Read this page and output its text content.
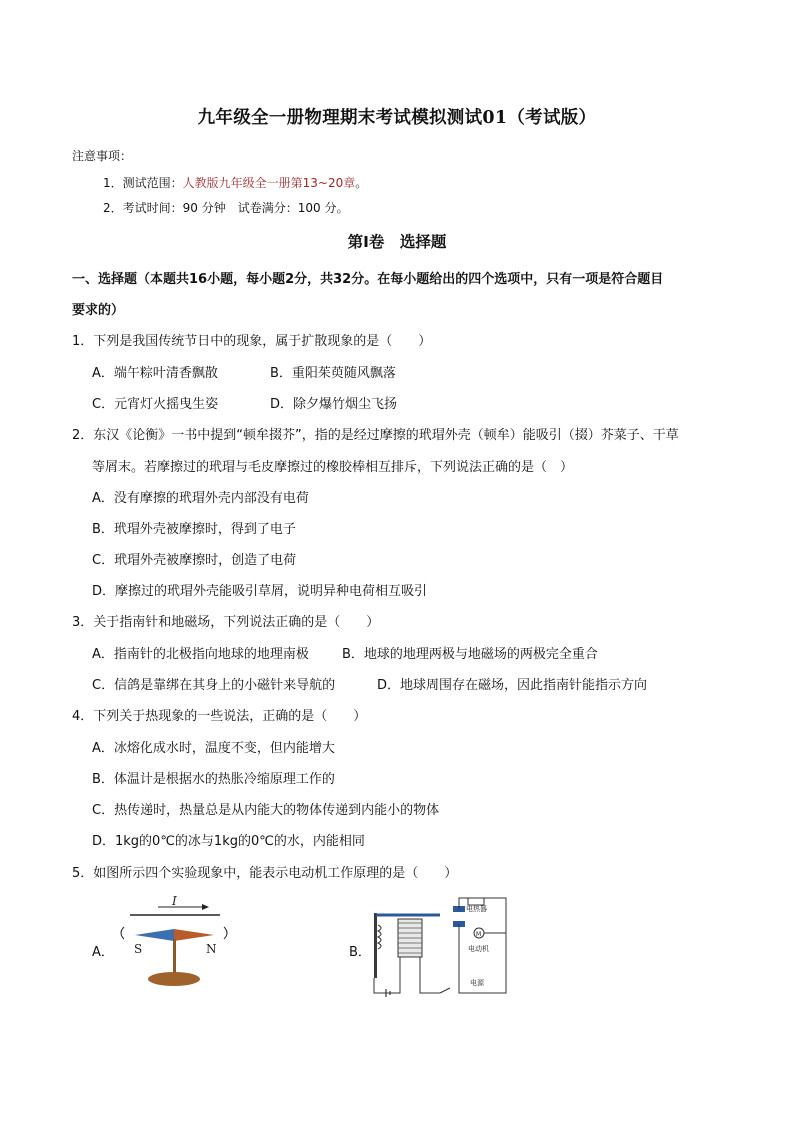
九年级全一册物理期末考试模拟测试01（考试版）
注意事项：
1．测试范围：人教版九年级全一册第13~20章。
2．考试时间：90 分钟　试卷满分：100 分。
第Ⅰ卷　选择题
一、选择题（本题共16小题，每小题2分，共32分。在每小题给出的四个选项中，只有一项是符合题目
要求的）
1．下列是我国传统节日中的现象，属于扩散现象的是（　　）
A．端午粽叶清香飘散	B．重阳茱萸随风飘落
C．元宵灯火摇曳生姿	D．除夕爆竹烟尘飞扬
2．东汉《论衡》一书中提到“顿牟掇芥”，指的是经过摩擦的玳瑁外壳（顿牟）能吸引（掇）芥菜子、干草
等屑末。若摩擦过的玳瑁与毛皮摩擦过的橡胶棒相互排斥，下列说法正确的是（　）
A．没有摩擦的玳瑁外壳内部没有电荷
B．玳瑁外壳被摩擦时，得到了电子
C．玳瑁外壳被摩擦时，创造了电荷
D．摩擦过的玳瑁外壳能吸引草屑，说明异种电荷相互吸引
3．关于指南针和地磁场，下列说法正确的是（　　）
A．指南针的北极指向地球的地理南极	B．地球的地理两极与地磁场的两极完全重合
C．信鸽是靠绑在其身上的小磁针来导航的	D．地球周围存在磁场，因此指南针能指示方向
4．下列关于热现象的一些说法，正确的是（　　）
A．冰熔化成水时，温度不变，但内能增大
B．体温计是根据水的热胀冷缩原理工作的
C．热传递时，热量总是从内能大的物体传递到内能小的物体
D．1kg的0℃的冰与1kg的0℃的水，内能相同
5．如图所示四个实验现象中，能表示电动机工作原理的是（　　）
A．	B．
I
S	N
电热器
M
电动机
电源
